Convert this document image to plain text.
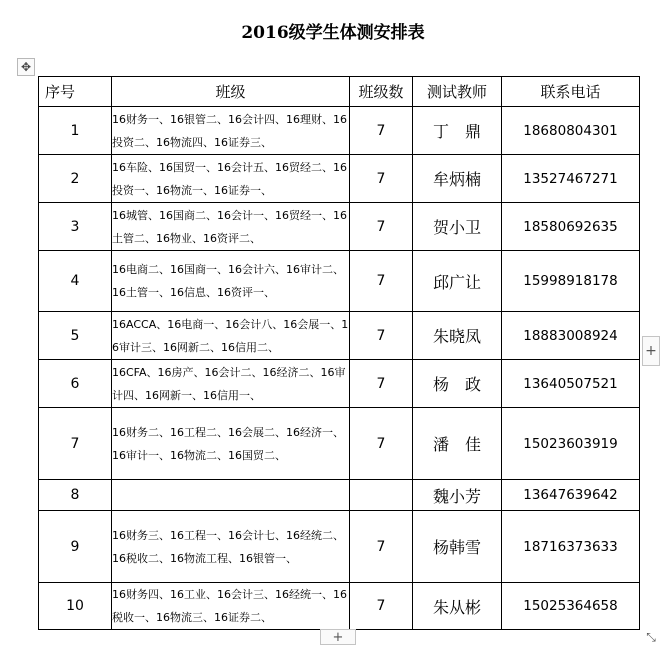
2016级学生体测安排表
✥
序号	班级	班级数	测试教师	联系电话
1	16财务一、16银管二、16会计四、16理财、16投资二、16物流四、16证券三、	7	丁　鼎	18680804301
2	16车险、16国贸一、16会计五、16贸经二、16投资一、16物流一、16证券一、	7	牟炳楠	13527467271
3	16城管、16国商二、16会计一、16贸经一、16土管二、16物业、16资评二、	7	贺小卫	18580692635
4	16电商二、16国商一、16会计六、16审计二、16土管一、16信息、16资评一、	7	邱广让	15998918178
5	16ACCA、16电商一、16会计八、16会展一、16审计三、16网新二、16信用二、	7	朱晓凤	18883008924
6	16CFA、16房产、16会计二、16经济二、16审计四、16网新一、16信用一、	7	杨　政	13640507521
7	16财务二、16工程二、16会展二、16经济一、16审计一、16物流二、16国贸二、	7	潘　佳	15023603919
8			魏小芳	13647639642
9	16财务三、16工程一、16会计七、16经统二、16税收二、16物流工程、16银管一、	7	杨韩雪	18716373633
10	16财务四、16工业、16会计三、16经统一、16税收一、16物流三、16证券二、	7	朱从彬	15025364658
+
+	⤡
